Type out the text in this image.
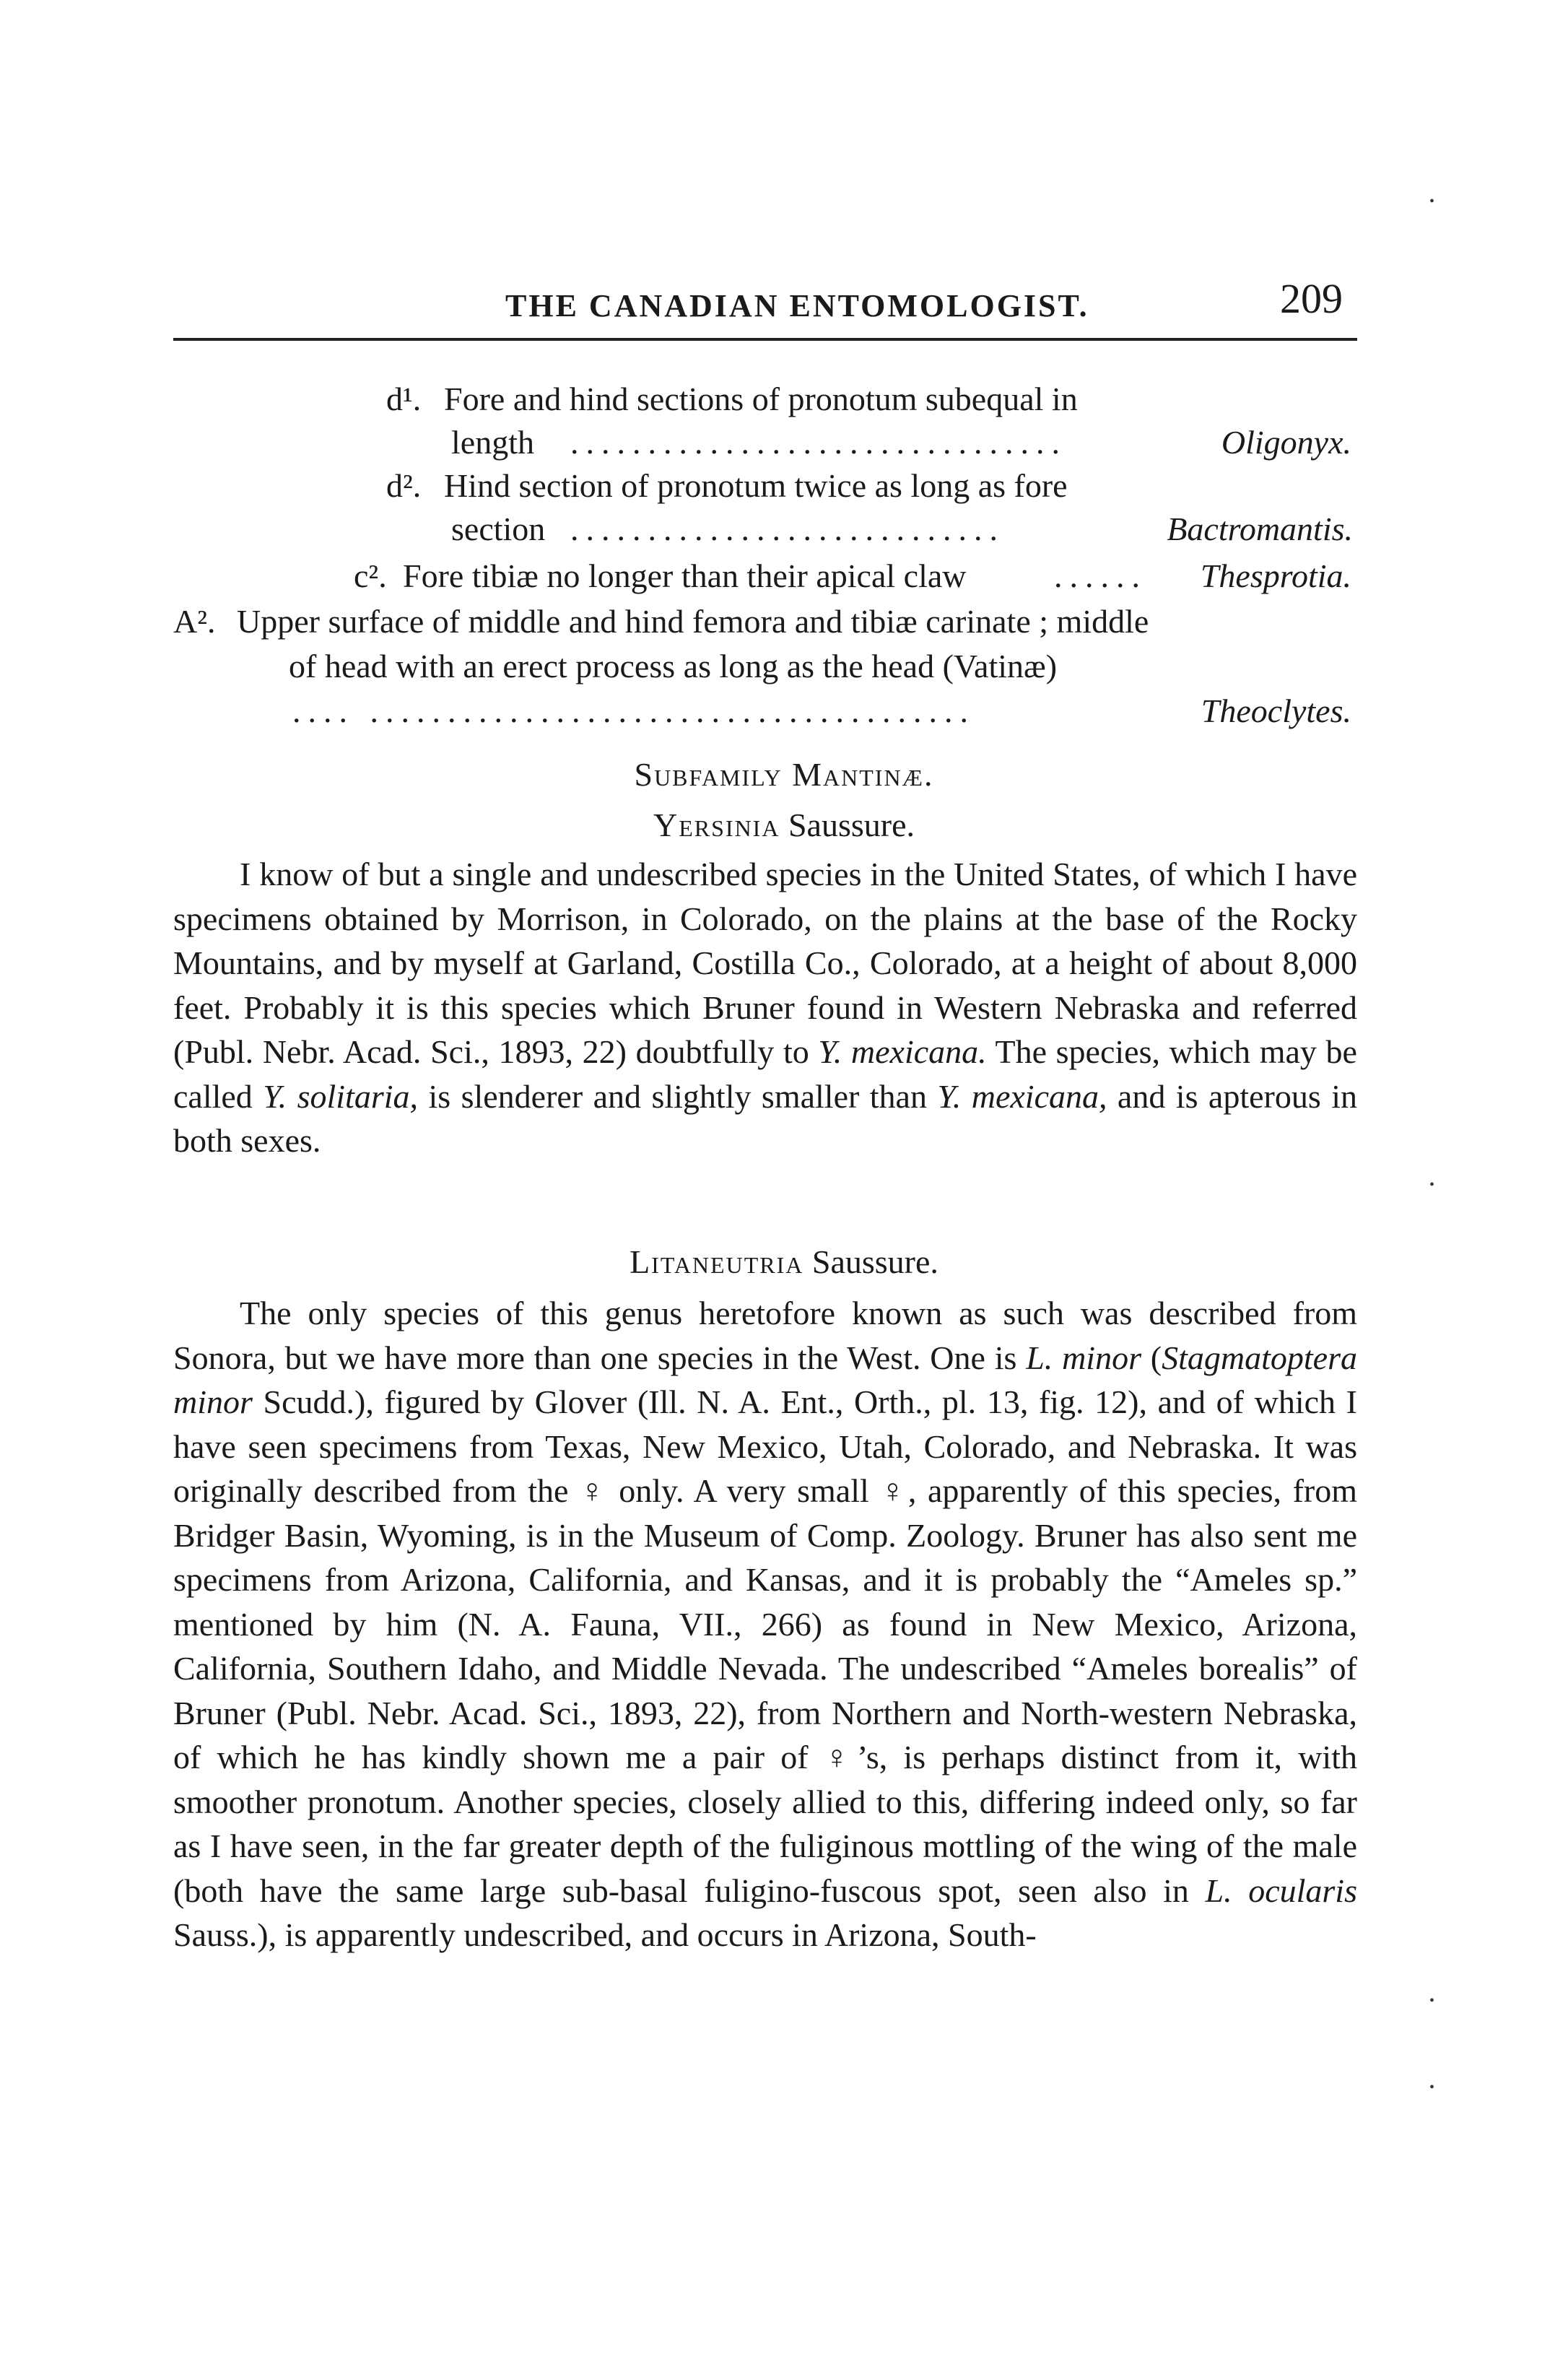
THE CANADIAN ENTOMOLOGIST.	209
d¹. Fore and hind sections of pronotum subequal in
length ................................	Oligonyx.
d². Hind section of pronotum twice as long as fore
section ............................	Bactromantis.
c². Fore tibiæ no longer than their apical claw	...... Thesprotia.
A². Upper surface of middle and hind femora and tibiæ carinate ; middle
of head with an erect process as long as the head (Vatinæ)
.... .......................................	Theoclytes.
Subfamily Mantinæ.
Yersinia Saussure.
I know of but a single and undescribed species in the United States, of which I have specimens obtained by Morrison, in Colorado, on the plains at the base of the Rocky Mountains, and by myself at Garland, Costilla Co., Colorado, at a height of about 8,000 feet. Probably it is this species which Bruner found in Western Nebraska and referred (Publ. Nebr. Acad. Sci., 1893, 22) doubtfully to Y. mexicana. The species, which may be called Y. solitaria, is slenderer and slightly smaller than Y. mexicana, and is apterous in both sexes.
Litaneutria Saussure.
The only species of this genus heretofore known as such was described from Sonora, but we have more than one species in the West. One is L. minor (Stagmatoptera minor Scudd.), figured by Glover (Ill. N. A. Ent., Orth., pl. 13, fig. 12), and of which I have seen specimens from Texas, New Mexico, Utah, Colorado, and Nebraska. It was originally described from the ♀ only. A very small ♀, apparently of this species, from Bridger Basin, Wyoming, is in the Museum of Comp. Zoology. Bruner has also sent me specimens from Arizona, California, and Kansas, and it is probably the “Ameles sp.” mentioned by him (N. A. Fauna, VII., 266) as found in New Mexico, Arizona, California, Southern Idaho, and Middle Nevada. The undescribed “Ameles borealis” of Bruner (Publ. Nebr. Acad. Sci., 1893, 22), from Northern and North-western Nebraska, of which he has kindly shown me a pair of ♀’s, is perhaps distinct from it, with smoother pronotum. Another species, closely allied to this, differing indeed only, so far as I have seen, in the far greater depth of the fuliginous mottling of the wing of the male (both have the same large sub-basal fuligino-fuscous spot, seen also in L. ocularis Sauss.), is apparently undescribed, and occurs in Arizona, South-
•
•
•
•
